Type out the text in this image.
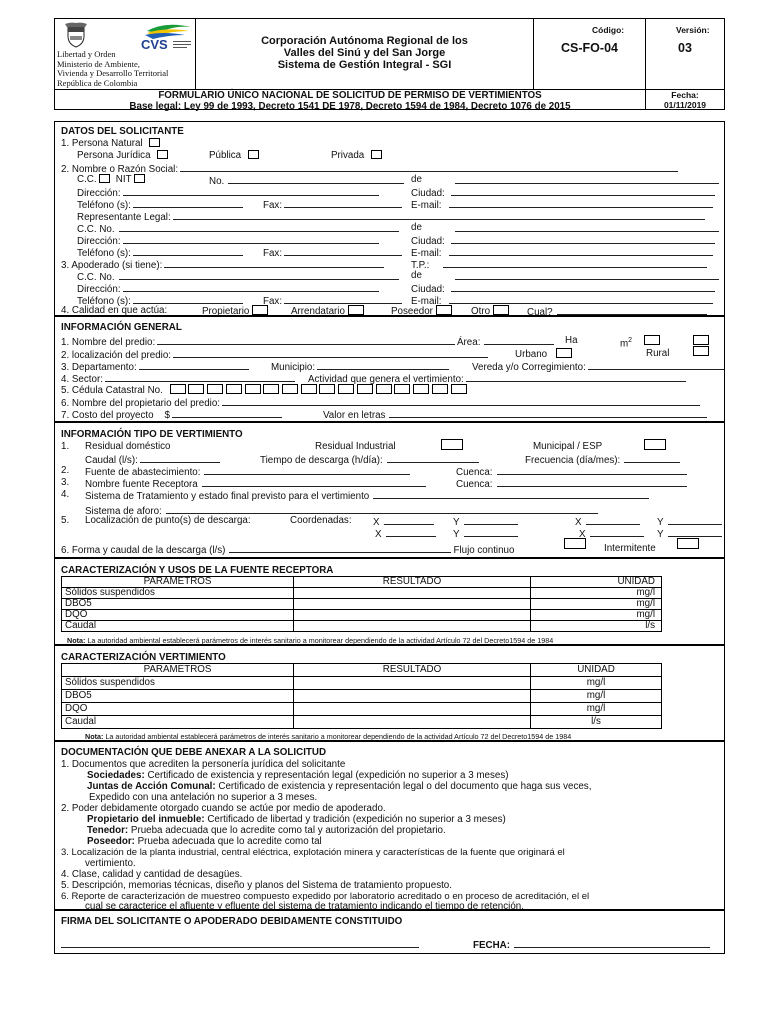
CVS
Libertad y Orden
Ministerio de Ambiente,
Vivienda y Desarrollo Territorial
República de Colombia
Corporación Autónoma Regional de los
Valles del Sinú y del San Jorge
Sistema de Gestión Integral - SGI
Código:
CS-FO-04
Versión:
03
FORMULARIO ÚNICO NACIONAL DE SOLICITUD DE PERMISO DE VERTIMIENTOS
Base legal: Ley 99 de 1993, Decreto 1541 DE 1978, Decreto 1594 de 1984, Decreto 1076 de 2015
Fecha:
01/11/2019
DATOS DEL SOLICITANTE
1. Persona Natural
Persona Jurídica	Pública	Privada
2. Nombre o Razón Social:
C.C. NIT	No.	de
Dirección:	Ciudad:
Teléfono (s):	Fax:	E-mail:
Representante Legal:
C.C. No.	de
Dirección:	Ciudad:
Teléfono (s):	Fax:	E-mail:
3. Apoderado (si tiene):	T.P.:
C.C. No.	de
Dirección:	Ciudad:
Teléfono (s):	Fax:	E-mail:
4. Calidad en que actúa:	Propietario	Arrendatario	Poseedor	Otro	Cual?
INFORMACIÓN GENERAL
1. Nombre del predio:	Área:	Ha	$m^2$
2. localización del predio:	Urbano	Rural
3. Departamento:	Municipio:	Vereda y/o Corregimiento:
4. Sector:	Actividad que genera el vertimiento:
5. Cédula Catastral No.
6. Nombre del propietario del predio:
7. Costo del proyecto $	Valor en letras
INFORMACIÓN TIPO DE VERTIMIENTO
1. Residual doméstico	Residual Industrial	Municipal / ESP
Caudal (l/s):	Tiempo de descarga (h/día):	Frecuencia (día/mes):
2. Fuente de abastecimiento:	Cuenca:
3. Nombre fuente Receptora	Cuenca:
4. Sistema de Tratamiento y estado final previsto para el vertimiento
Sistema de aforo:
5. Localización de punto(s) de descarga:	Coordenadas: X	Y	X	Y
X	Y	X	Y
6. Forma y caudal de la descarga (l/s)	Flujo continuo	Intermitente
CARACTERIZACIÓN Y USOS DE LA FUENTE RECEPTORA
PARAMETROS	RESULTADO	UNIDAD
Sólidos suspendidos		mg/l
DBO5		mg/l
DQO		mg/l
Caudal		l/s
Nota: La autoridad ambiental establecerá parámetros de interés sanitario a monitorear dependiendo de la actividad Artículo 72 del Decreto1594 de 1984
CARACTERIZACIÓN VERTIMIENTO
PARAMETROS	RESULTADO	UNIDAD
Sólidos suspendidos		mg/l
DBO5		mg/l
DQO		mg/l
Caudal		l/s
Nota: La autoridad ambiental establecerá parámetros de interés sanitario a monitorear dependiendo de la actividad Artículo 72 del Decreto1594 de 1984
DOCUMENTACIÓN QUE DEBE ANEXAR A LA SOLICITUD
1. Documentos que acrediten la personería jurídica del solicitante
Sociedades: Certificado de existencia y representación legal (expedición no superior a 3 meses)
Juntas de Acción Comunal: Certificado de existencia y representación legal o del documento que haga sus veces,
Expedido con una antelación no superior a 3 meses.
2. Poder debidamente otorgado cuando se actúe por medio de apoderado.
Propietario del inmueble: Certificado de libertad y tradición (expedición no superior a 3 meses)
Tenedor: Prueba adecuada que lo acredite como tal y autorización del propietario.
Poseedor: Prueba adecuada que lo acredite como tal
3. Localización de la planta industrial, central eléctrica, explotación minera y características de la fuente que originará el
vertimiento.
4. Clase, calidad y cantidad de desagües.
5. Descripción, memorias técnicas, diseño y planos del Sistema de tratamiento propuesto.
6. Reporte de caracterización de muestreo compuesto expedido por laboratorio acreditado o en proceso de acreditación, el el
cual se caracterice el afluente y efluente del sistema de tratamiento indicando el tiempo de retención.
FIRMA DEL SOLICITANTE O APODERADO DEBIDAMENTE CONSTITUIDO
FECHA:
